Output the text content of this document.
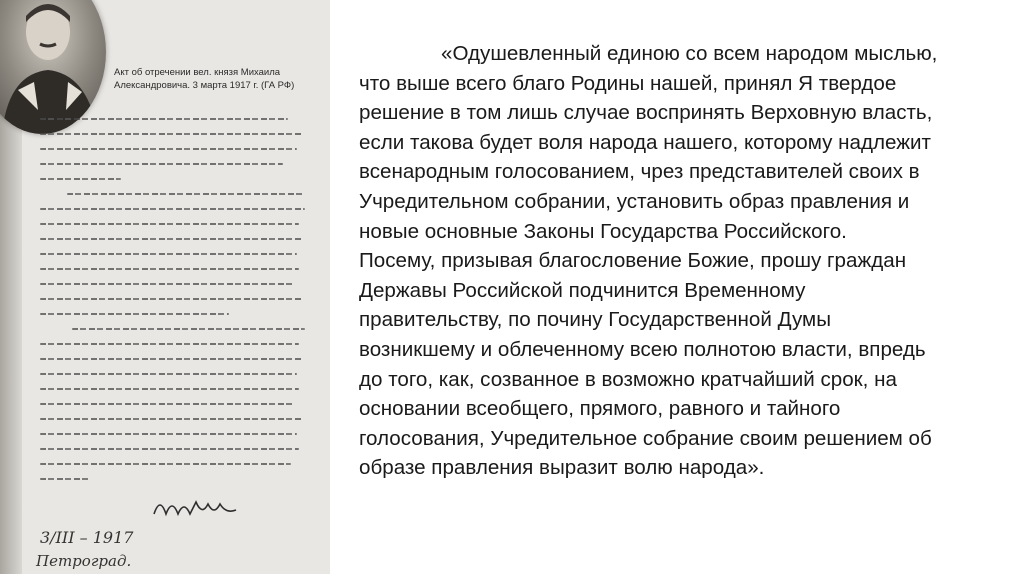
Акт об отречении вел. князя Михаила
Александровича. 3 марта 1917 г. (ГА РФ)
3/III – 1917
Петроград.

«Одушевленный единою со всем народом мыслью,
что выше всего благо Родины нашей, принял Я твердое
решение в том лишь случае воспринять Верховную власть,
если такова будет воля народа нашего, которому надлежит
всенародным голосованием, чрез представителей своих в
Учредительном собрании, установить образ правления и
новые основные Законы Государства Российского.
Посему, призывая благословение Божие, прошу граждан
Державы Российской подчинится Временному
правительству, по почину Государственной Думы
возникшему и облеченному всею полнотою власти, впредь
до того, как, созванное в возможно кратчайший срок, на
основании всеобщего, прямого, равного и тайного
голосования, Учредительное собрание своим решением об
образе правления выразит волю народа».
